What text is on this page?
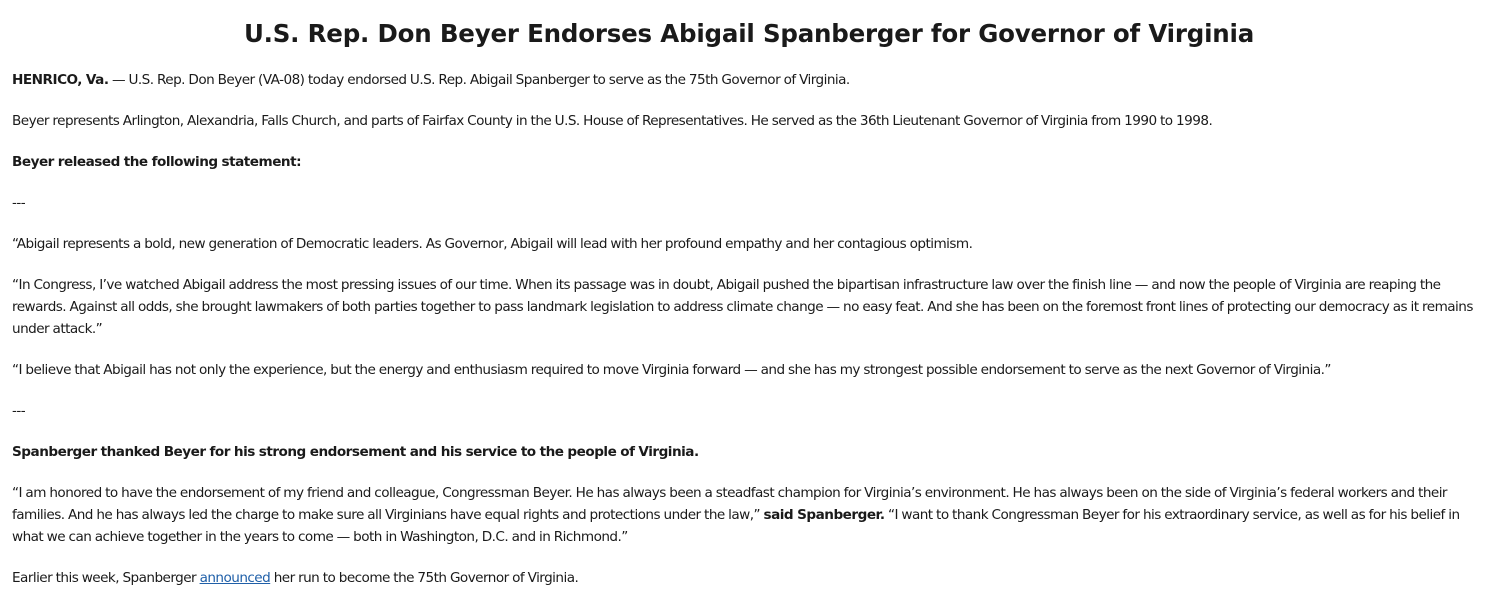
U.S. Rep. Don Beyer Endorses Abigail Spanberger for Governor of Virginia

HENRICO, Va. — U.S. Rep. Don Beyer (VA-08) today endorsed U.S. Rep. Abigail Spanberger to serve as the 75th Governor of Virginia.

Beyer represents Arlington, Alexandria, Falls Church, and parts of Fairfax County in the U.S. House of Representatives. He served as the 36th Lieutenant Governor of Virginia from 1990 to 1998.

Beyer released the following statement:

---

“Abigail represents a bold, new generation of Democratic leaders. As Governor, Abigail will lead with her profound empathy and her contagious optimism.

“In Congress, I’ve watched Abigail address the most pressing issues of our time. When its passage was in doubt, Abigail pushed the bipartisan infrastructure law over the finish line — and now the people of Virginia are reaping the rewards. Against all odds, she brought lawmakers of both parties together to pass landmark legislation to address climate change — no easy feat. And she has been on the foremost front lines of protecting our democracy as it remains under attack.”

“I believe that Abigail has not only the experience, but the energy and enthusiasm required to move Virginia forward — and she has my strongest possible endorsement to serve as the next Governor of Virginia.”

---

Spanberger thanked Beyer for his strong endorsement and his service to the people of Virginia.

“I am honored to have the endorsement of my friend and colleague, Congressman Beyer. He has always been a steadfast champion for Virginia’s environment. He has always been on the side of Virginia’s federal workers and their families. And he has always led the charge to make sure all Virginians have equal rights and protections under the law,” said Spanberger. “I want to thank Congressman Beyer for his extraordinary service, as well as for his belief in what we can achieve together in the years to come — both in Washington, D.C. and in Richmond.”

Earlier this week, Spanberger announced her run to become the 75th Governor of Virginia.
